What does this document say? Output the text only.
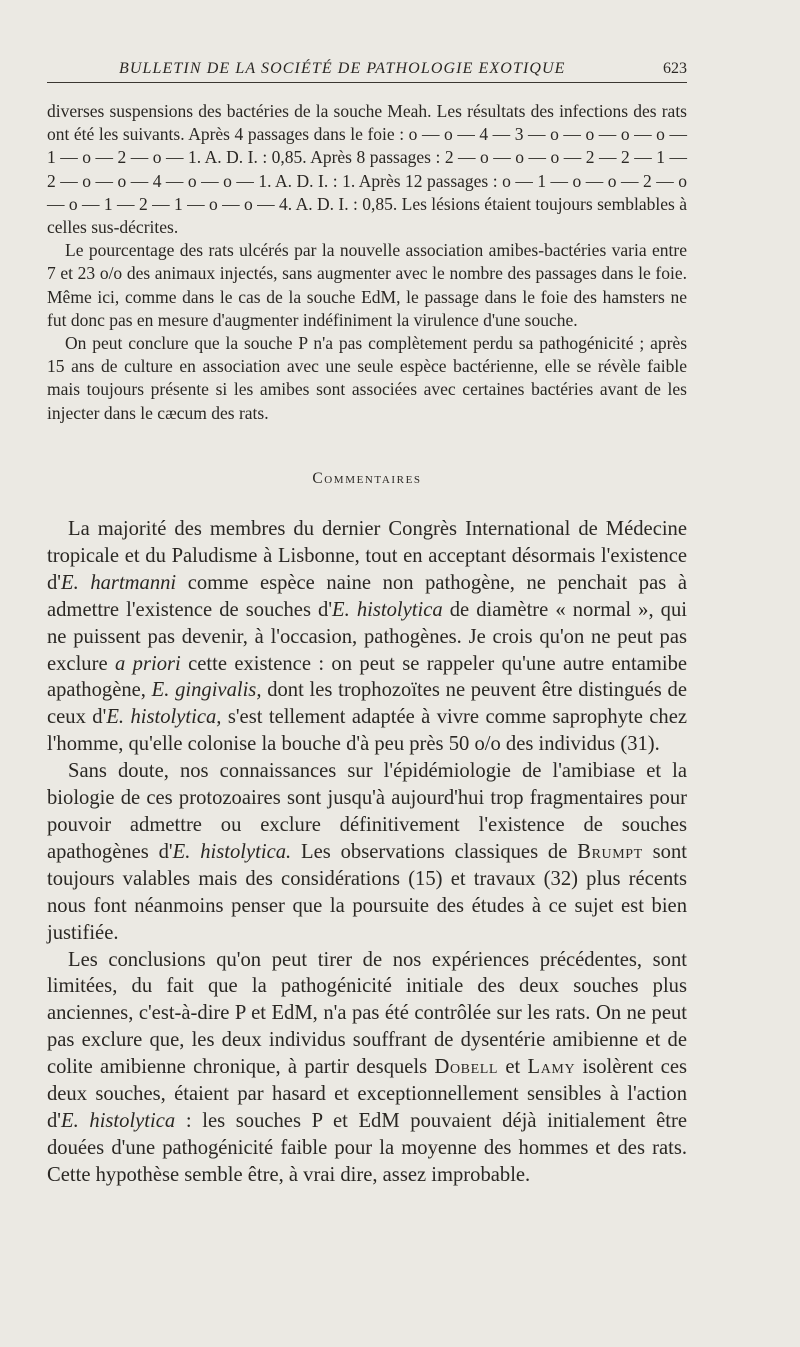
BULLETIN DE LA SOCIÉTÉ DE PATHOLOGIE EXOTIQUE	623

diverses suspensions des bactéries de la souche Meah. Les résultats des infections des rats ont été les suivants. Après 4 passages dans le foie : o — o — 4 — 3 — o — o — o — o — 1 — o — 2 — o — 1. A. D. I. : 0,85. Après 8 passages : 2 — o — o — o — 2 — 2 — 1 — 2 — o — o — 4 — o — o — 1. A. D. I. : 1. Après 12 passages : o — 1 — o — o — 2 — o — o — 1 — 2 — 1 — o — o — 4. A. D. I. : 0,85. Les lésions étaient toujours semblables à celles sus-décrites.

Le pourcentage des rats ulcérés par la nouvelle association amibes-bactéries varia entre 7 et 23 o/o des animaux injectés, sans augmenter avec le nombre des passages dans le foie. Même ici, comme dans le cas de la souche EdM, le passage dans le foie des hamsters ne fut donc pas en mesure d'augmenter indéfiniment la virulence d'une souche.

On peut conclure que la souche P n'a pas complètement perdu sa pathogénicité ; après 15 ans de culture en association avec une seule espèce bactérienne, elle se révèle faible mais toujours présente si les amibes sont associées avec certaines bactéries avant de les injecter dans le cæcum des rats.

Commentaires

La majorité des membres du dernier Congrès International de Médecine tropicale et du Paludisme à Lisbonne, tout en acceptant désormais l'existence d'E. hartmanni comme espèce naine non pathogène, ne penchait pas à admettre l'existence de souches d'E. histolytica de diamètre « normal », qui ne puissent pas devenir, à l'occasion, pathogènes. Je crois qu'on ne peut pas exclure a priori cette existence : on peut se rappeler qu'une autre entamibe apathogène, E. gingivalis, dont les trophozoïtes ne peuvent être distingués de ceux d'E. histolytica, s'est tellement adaptée à vivre comme saprophyte chez l'homme, qu'elle colonise la bouche d'à peu près 50 o/o des individus (31).

Sans doute, nos connaissances sur l'épidémiologie de l'amibiase et la biologie de ces protozoaires sont jusqu'à aujourd'hui trop fragmentaires pour pouvoir admettre ou exclure définitivement l'existence de souches apathogènes d'E. histolytica. Les observations classiques de Brumpt sont toujours valables mais des considérations (15) et travaux (32) plus récents nous font néanmoins penser que la poursuite des études à ce sujet est bien justifiée.

Les conclusions qu'on peut tirer de nos expériences précédentes, sont limitées, du fait que la pathogénicité initiale des deux souches plus anciennes, c'est-à-dire P et EdM, n'a pas été contrôlée sur les rats. On ne peut pas exclure que, les deux individus souffrant de dysentérie amibienne et de colite amibienne chronique, à partir desquels Dobell et Lamy isolèrent ces deux souches, étaient par hasard et exceptionnellement sensibles à l'action d'E. histolytica : les souches P et EdM pouvaient déjà initialement être douées d'une pathogénicité faible pour la moyenne des hommes et des rats. Cette hypothèse semble être, à vrai dire, assez improbable.
